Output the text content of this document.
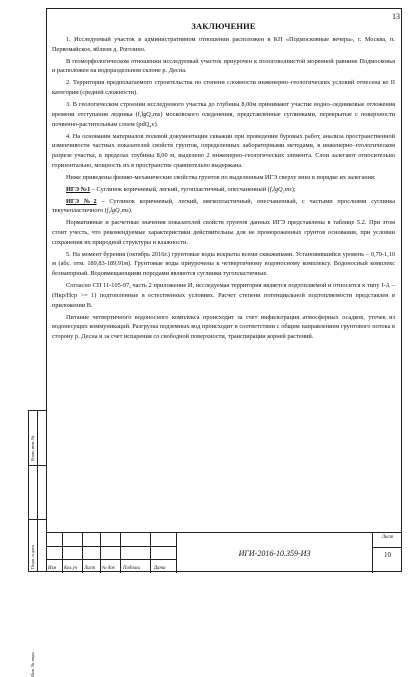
13
ЗАКЛЮЧЕНИЕ
1. Исследуемый участок в административном отношении расположен в КП «Подмосковные вечера», г. Москва, п. Первомайское, вблизи д. Рогозино.
В геоморфологическом отношении исследуемый участок приурочен к пологоволнистой моренной равнине Подмосковья и расположен на водораздельном склоне р. Десна.
2. Территория предполагаемого строительства по степени сложности инженерно–геологических условий отнесена ко II категории (средней сложности).
3. В геологическом строении исследуемого участка до глубины 8,00м принимают участие водно–ледниковые отложения времени отступания ледника (f,lgQ₂ms) московского оледенения, представленные суглинками, перекрытые с поверхности почвенно-растительным слоем (pdQ₄v).
4. На основании материалов полевой документации скважин при проведении буровых работ, анализа пространственной изменчивости частных показателей свойств грунтов, определенных лабораторными методами, в инженерно–геологическом разрезе участка, в пределах глубины 8,00 м, выделено 2 инженерно–геологических элемента. Слои залегают относительно горизонтально, мощность их в пространстве сравнительно выдержана.
Ниже приведены физико-механические свойства грунтов по выделенным ИГЭ сверху вниз в порядке их залегания:
ИГЭ №1 – Суглинок коричневый, легкий, тугопластичный, опесчаненный (f,lgQ₂ms);
ИГЭ №2 – Суглинок коричневый, легкий, мягкопластичный, опесчаненный, с частыми прослоями суглинка текучепластичного (f,lgQ₂ms).
Нормативные и расчетные значения показателей свойств грунтов данных ИГЭ представлены в таблице 5.2. При этом стоит учесть, что рекомендуемые характеристики действительны для не промороженных грунтов основания, при условии сохранения их природной структуры и влажности.
5. На момент бурения (октябрь 2016г.) грунтовые воды вскрыты всеми скважинами. Установившийся уровень – 0,70-1,10 м (абс. отм. 189,83-189,91м). Грунтовые воды приурочены к четвертичному водоносному комплексу. Водоносный комплекс безнапорный. Водовмещающими породами являются суглинки тугопластичные.
Согласно СП 11-105-97, часть 2 приложение И, исследуемая территория является подтопляемой и относится к типу I-А – (Нкр/Нср >= 1) подтопленные в естественных условиях. Расчет степени потенциальной подтопляемости представлен в приложении В.
Питание четвертичного водоносного комплекса происходит за счет инфильтрация атмосферных осадков, утечек из водонесущих коммуникаций. Разгрузка подземных вод происходит в соответствии с общим направлением грунтового потока в сторону р. Десна и за счет испарения со свободной поверхности, транспирации корней растений.
Взам. инв. №
Подп. и дата
Инв. № подл.
Изм Кол.уч Лист № док Подпись	Дата
ИГИ-2016-10.359-ИЗ
Лист
10
